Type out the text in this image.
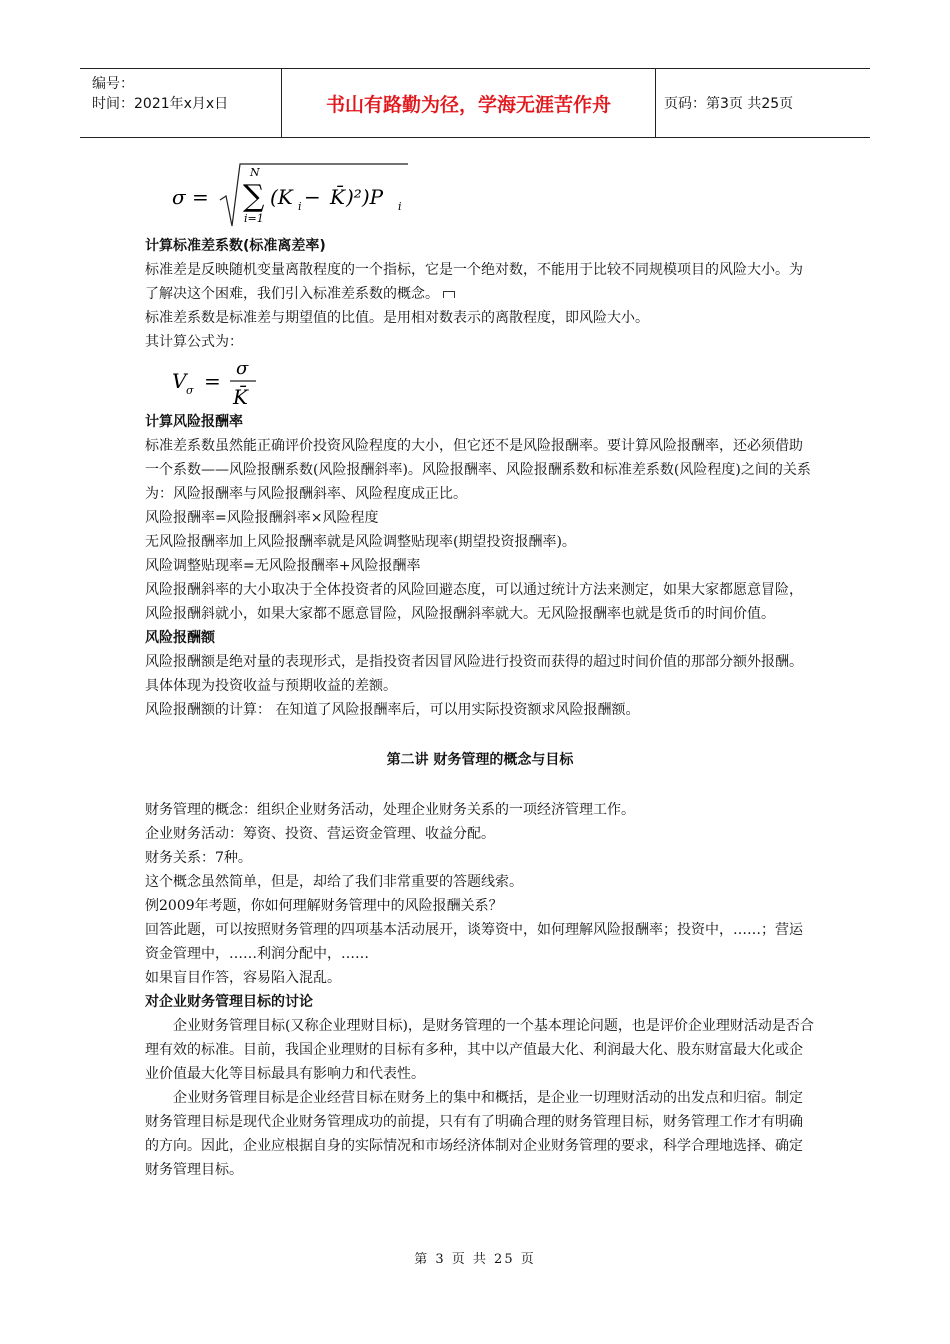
编号：
时间：2021年x月x日	书山有路勤为径，学海无涯苦作舟	页码：第3页 共25页
σ =
N
∑
i=1
(K i − K̄ )²)P i

计算标准差系数(标准离差率)

标准差是反映随机变量离散程度的一个指标，它是一个绝对数，不能用于比较不同规模项目的风险大小。为了解决这个困难，我们引入标准差系数的概念。

标准差系数是标准差与期望值的比值。是用相对数表示的离散程度，即风险大小。

其计算公式为：

V σ =
σ
K̄

计算风险报酬率

标准差系数虽然能正确评价投资风险程度的大小，但它还不是风险报酬率。要计算风险报酬率，还必须借助一个系数——风险报酬系数(风险报酬斜率)。风险报酬率、风险报酬系数和标准差系数(风险程度)之间的关系为：风险报酬率与风险报酬斜率、风险程度成正比。

风险报酬率=风险报酬斜率×风险程度

无风险报酬率加上风险报酬率就是风险调整贴现率(期望投资报酬率)。

风险调整贴现率=无风险报酬率+风险报酬率

风险报酬斜率的大小取决于全体投资者的风险回避态度，可以通过统计方法来测定，如果大家都愿意冒险，风险报酬斜就小，如果大家都不愿意冒险，风险报酬斜率就大。无风险报酬率也就是货币的时间价值。

风险报酬额

风险报酬额是绝对量的表现形式，是指投资者因冒风险进行投资而获得的超过时间价值的那部分额外报酬。具体体现为投资收益与预期收益的差额。

风险报酬额的计算： 在知道了风险报酬率后，可以用实际投资额求风险报酬额。

第二讲 财务管理的概念与目标

财务管理的概念：组织企业财务活动，处理企业财务关系的一项经济管理工作。

企业财务活动：筹资、投资、营运资金管理、收益分配。

财务关系：7种。

这个概念虽然简单，但是，却给了我们非常重要的答题线索。

例2009年考题，你如何理解财务管理中的风险报酬关系？

回答此题，可以按照财务管理的四项基本活动展开，谈筹资中，如何理解风险报酬率；投资中，……；营运资金管理中，……利润分配中，……

如果盲目作答，容易陷入混乱。

对企业财务管理目标的讨论

企业财务管理目标(又称企业理财目标)，是财务管理的一个基本理论问题，也是评价企业理财活动是否合理有效的标准。目前，我国企业理财的目标有多种，其中以产值最大化、利润最大化、股东财富最大化或企业价值最大化等目标最具有影响力和代表性。

企业财务管理目标是企业经营目标在财务上的集中和概括，是企业一切理财活动的出发点和归宿。制定财务管理目标是现代企业财务管理成功的前提，只有有了明确合理的财务管理目标，财务管理工作才有明确的方向。因此，企业应根据自身的实际情况和市场经济体制对企业财务管理的要求，科学合理地选择、确定财务管理目标。

第 3 页 共 25 页
